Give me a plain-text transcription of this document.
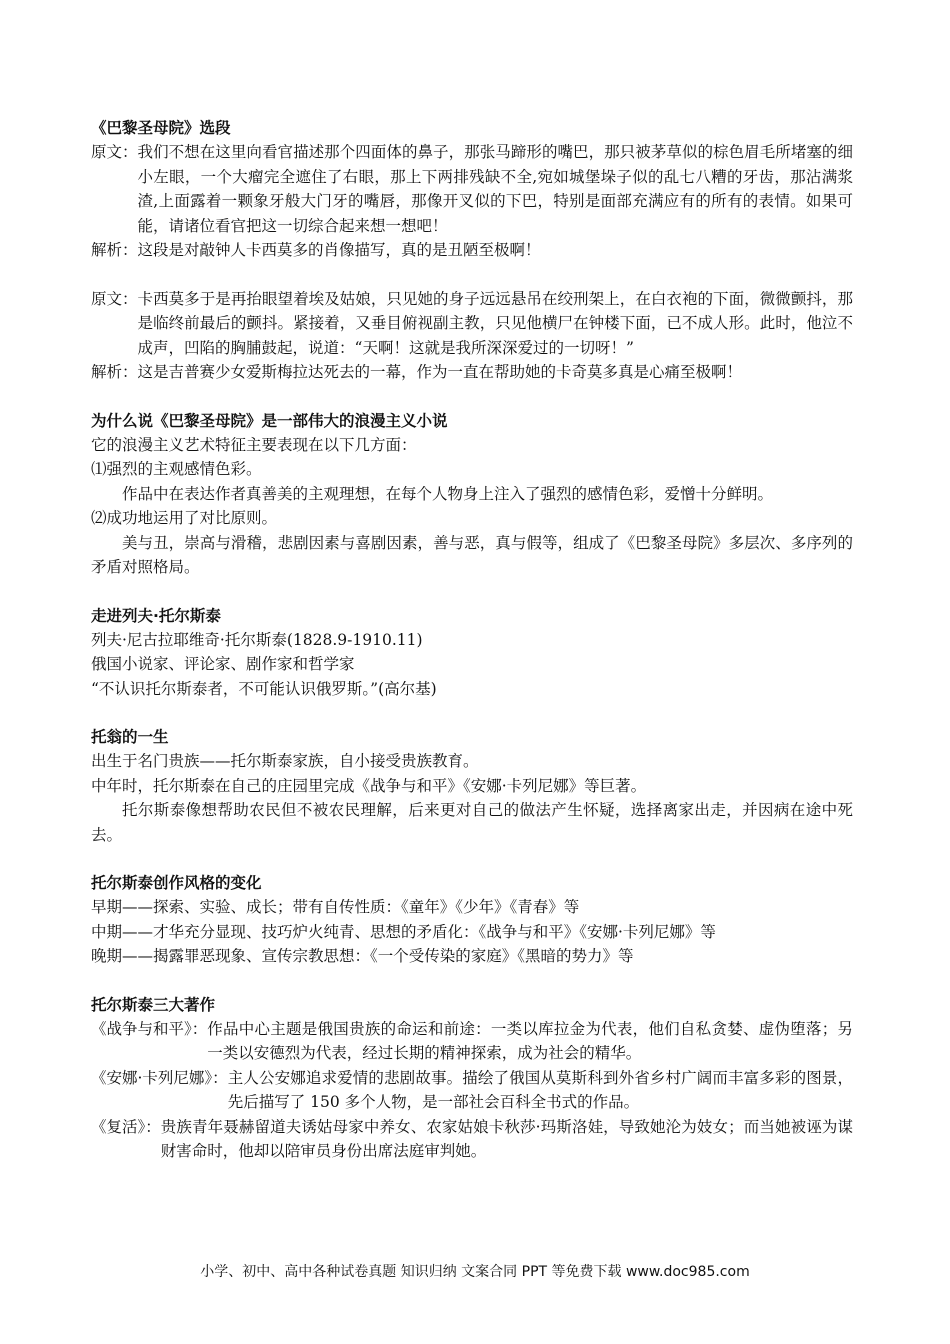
《巴黎圣母院》选段

原文： 我们不想在这里向看官描述那个四面体的鼻子，那张马蹄形的嘴巴，那只被茅草似的棕色眉毛所堵塞的细小左眼，一个大瘤完全遮住了右眼，那上下两排残缺不全,宛如城堡垛子似的乱七八糟的牙齿，那沾满浆渣,上面露着一颗象牙般大门牙的嘴唇，那像开叉似的下巴，特别是面部充满应有的所有的表情。如果可能，请诸位看官把这一切综合起来想一想吧！
解析： 这段是对敲钟人卡西莫多的肖像描写，真的是丑陋至极啊！
原文： 卡西莫多于是再抬眼望着埃及姑娘，只见她的身子远远悬吊在绞刑架上，在白衣袍的下面，微微颤抖，那是临终前最后的颤抖。紧接着，又垂目俯视副主教，只见他横尸在钟楼下面，已不成人形。此时，他泣不成声，凹陷的胸脯鼓起，说道：“天啊！这就是我所深深爱过的一切呀！”
解析： 这是吉普赛少女爱斯梅拉达死去的一幕，作为一直在帮助她的卡奇莫多真是心痛至极啊！

为什么说《巴黎圣母院》是一部伟大的浪漫主义小说

它的浪漫主义艺术特征主要表现在以下几方面：

⑴强烈的主观感情色彩。

作品中在表达作者真善美的主观理想，在每个人物身上注入了强烈的感情色彩，爱憎十分鲜明。

⑵成功地运用了对比原则。

美与丑，崇高与滑稽，悲剧因素与喜剧因素，善与恶，真与假等，组成了《巴黎圣母院》多层次、多序列的矛盾对照格局。

走进列夫·托尔斯泰

列夫·尼古拉耶维奇·托尔斯泰(1828.9-1910.11)

俄国小说家、评论家、剧作家和哲学家

“不认识托尔斯泰者，不可能认识俄罗斯。”(高尔基)

托翁的一生

出生于名门贵族——托尔斯泰家族，自小接受贵族教育。

中年时，托尔斯泰在自己的庄园里完成《战争与和平》《安娜·卡列尼娜》等巨著。

托尔斯泰像想帮助农民但不被农民理解，后来更对自己的做法产生怀疑，选择离家出走，并因病在途中死去。

托尔斯泰创作风格的变化

早期——探索、实验、成长；带有自传性质：《童年》《少年》《青春》等

中期——才华充分显现、技巧炉火纯青、思想的矛盾化：《战争与和平》《安娜·卡列尼娜》等

晚期——揭露罪恶现象、宣传宗教思想：《一个受传染的家庭》《黑暗的势力》等

托尔斯泰三大著作

《战争与和平》： 作品中心主题是俄国贵族的命运和前途：一类以库拉金为代表，他们自私贪婪、虚伪堕落；另一类以安德烈为代表，经过长期的精神探索，成为社会的精华。
《安娜·卡列尼娜》： 主人公安娜追求爱情的悲剧故事。描绘了俄国从莫斯科到外省乡村广阔而丰富多彩的图景，先后描写了 150 多个人物，是一部社会百科全书式的作品。
《复活》： 贵族青年聂赫留道夫诱姑母家中养女、农家姑娘卡秋莎·玛斯洛娃，导致她沦为妓女；而当她被诬为谋财害命时，他却以陪审员身份出席法庭审判她。
小学、初中、高中各种试卷真题 知识归纳 文案合同 PPT 等免费下载 www.doc985.com
